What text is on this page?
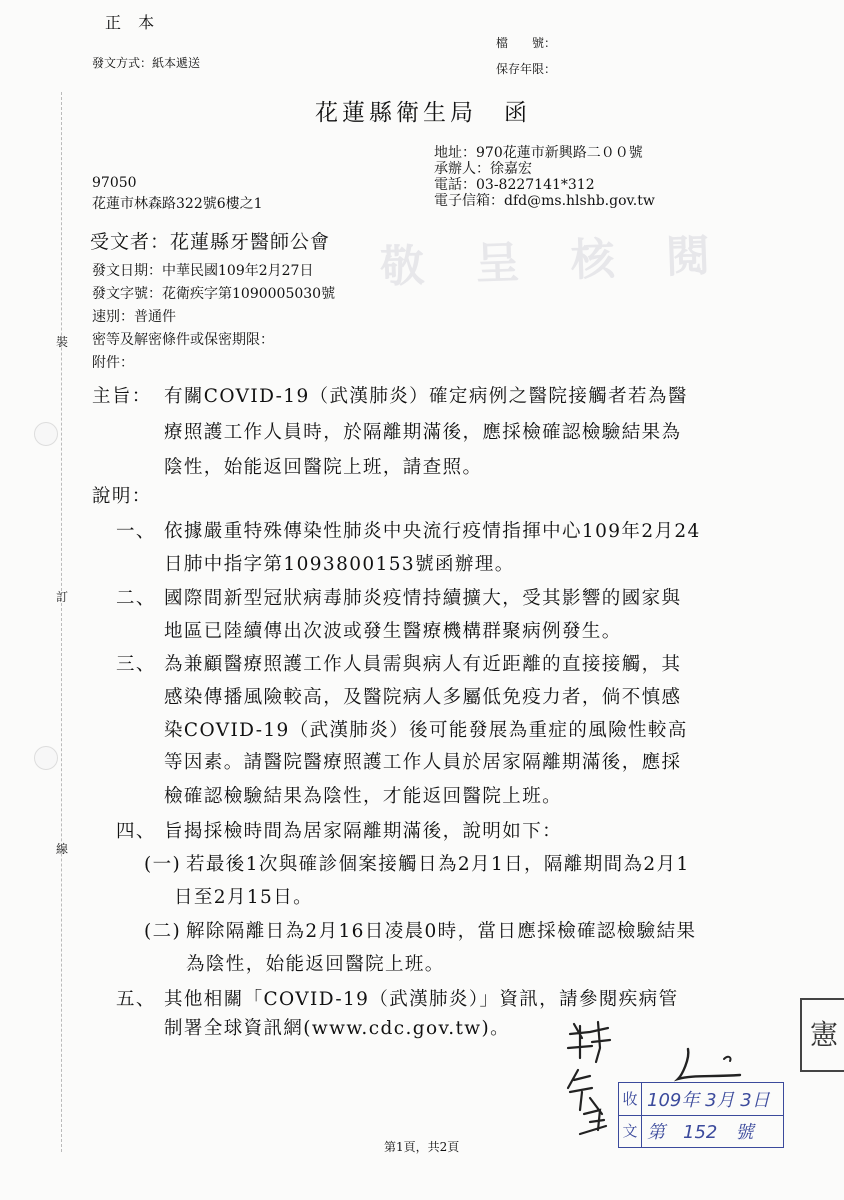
裝
訂
線
敬 呈 核 閱
正 本
發文方式：紙本遞送
檔　　號：
保存年限：
花蓮縣衛生局　函
地址：970花蓮市新興路二００號
承辦人：徐嘉宏
電話：03-8227141*312
電子信箱：dfd@ms.hlshb.gov.tw
97050
花蓮市林森路322號6樓之1
受文者：花蓮縣牙醫師公會
發文日期：中華民國109年2月27日
發文字號：花衛疾字第1090005030號
速別：普通件
密等及解密條件或保密期限：
附件：
主旨： 有關COVID-19（武漢肺炎）確定病例之醫院接觸者若為醫
療照護工作人員時，於隔離期滿後，應採檢確認檢驗結果為
陰性，始能返回醫院上班，請查照。
說明：
一、 依據嚴重特殊傳染性肺炎中央流行疫情指揮中心109年2月24
日肺中指字第1093800153號函辦理。
二、 國際間新型冠狀病毒肺炎疫情持續擴大，受其影響的國家與
地區已陸續傳出次波或發生醫療機構群聚病例發生。
三、 為兼顧醫療照護工作人員需與病人有近距離的直接接觸，其
感染傳播風險較高，及醫院病人多屬低免疫力者，倘不慎感
染COVID-19（武漢肺炎）後可能發展為重症的風險性較高
等因素。請醫院醫療照護工作人員於居家隔離期滿後，應採
檢確認檢驗結果為陰性，才能返回醫院上班。
四、 旨揭採檢時間為居家隔離期滿後，說明如下：
(一) 若最後1次與確診個案接觸日為2月1日，隔離期間為2月1
日至2月15日。
(二) 解除隔離日為2月16日凌晨0時，當日應採檢確認檢驗結果
為陰性，始能返回醫院上班。
五、 其他相關「COVID-19（武漢肺炎）」資訊，請參閱疾病管
制署全球資訊網(www.cdc.gov.tw)。
收 109年 3月 3日
文 第　152　號
憲
第1頁，共2頁
